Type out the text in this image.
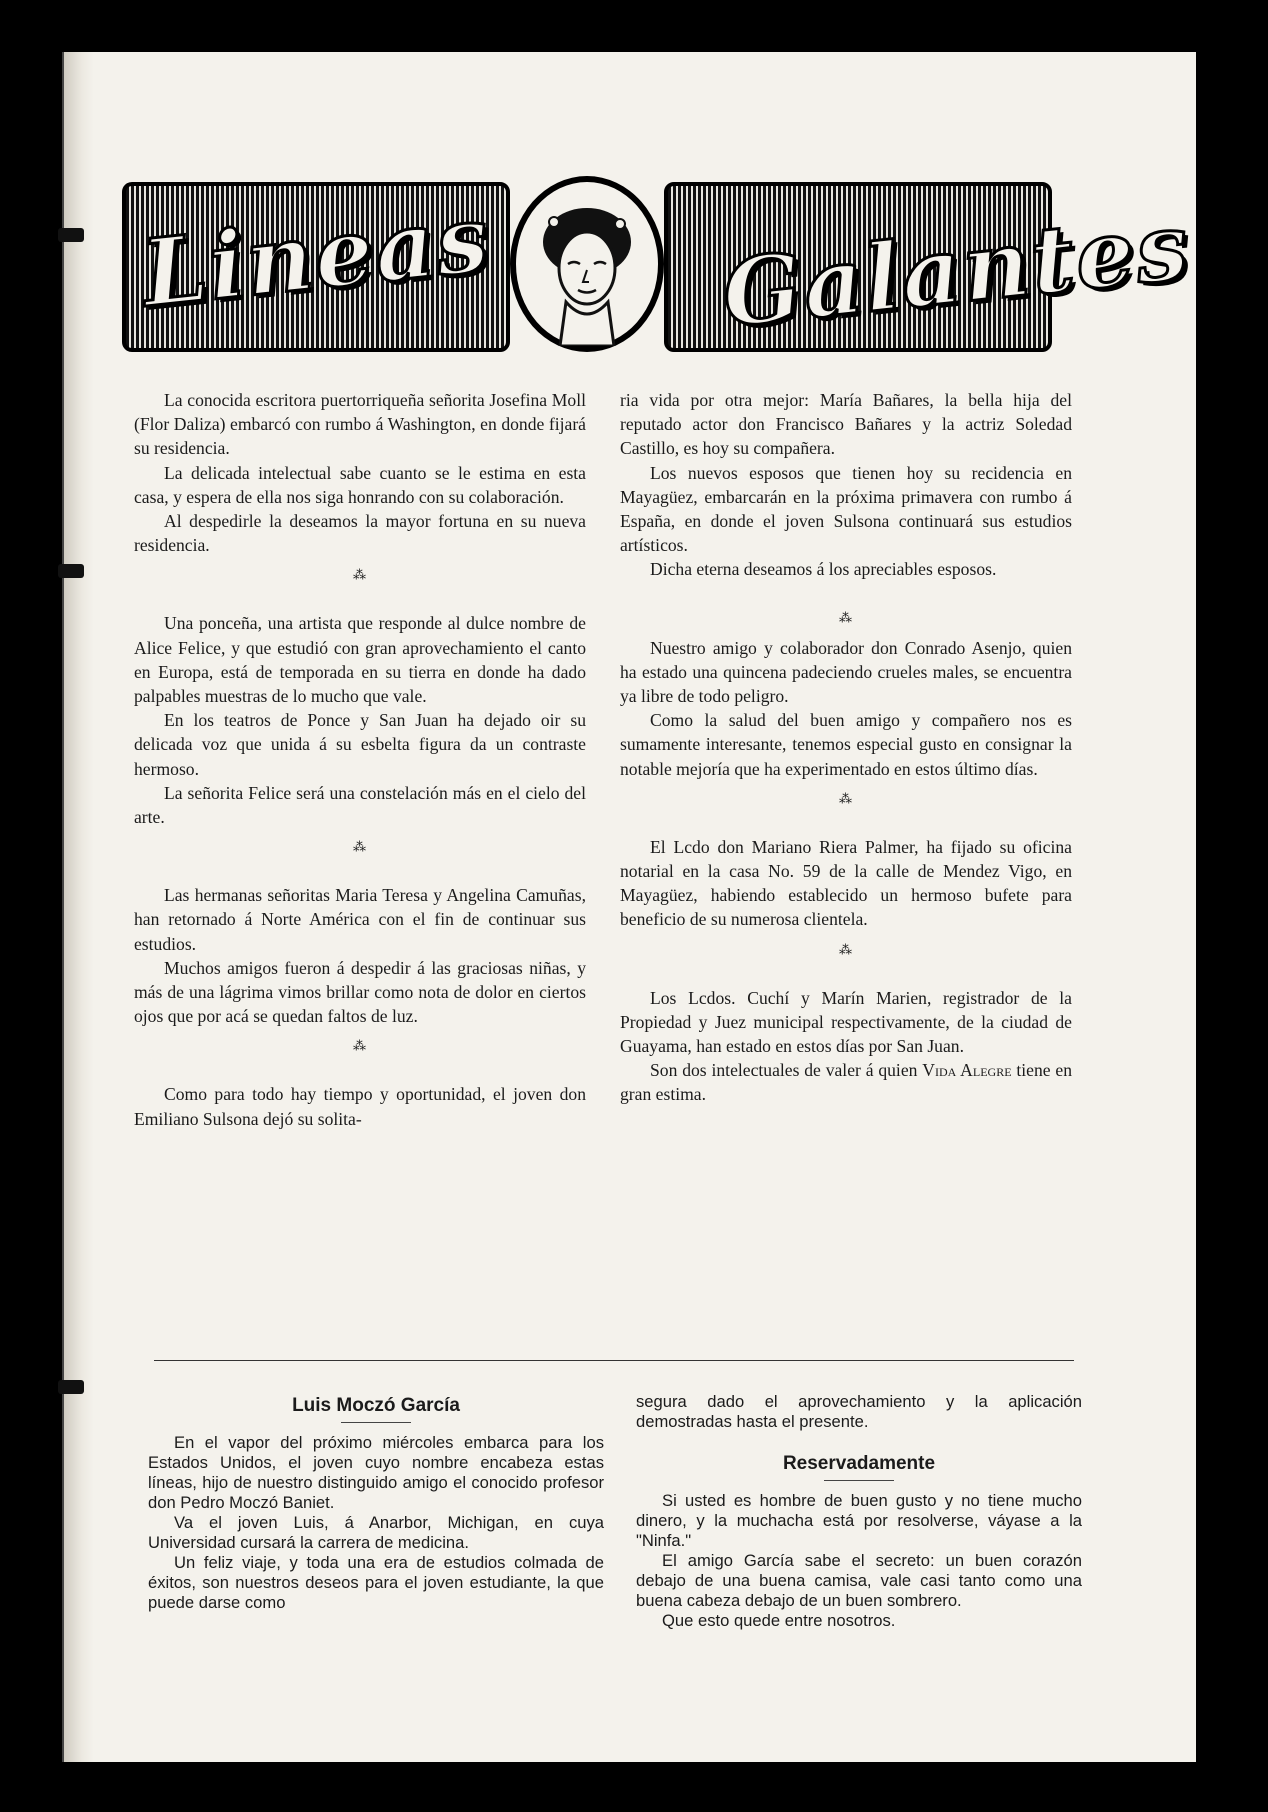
Lineas Galantes

La conocida escritora puertorriqueña señorita Josefina Moll (Flor Daliza) embarcó con rumbo á Washington, en donde fijará su residencia.

La delicada intelectual sabe cuanto se le estima en esta casa, y espera de ella nos siga honrando con su colaboración.

Al despedirle la deseamos la mayor fortuna en su nueva residencia.

⁂

Una ponceña, una artista que responde al dulce nombre de Alice Felice, y que estudió con gran aprovechamiento el canto en Europa, está de temporada en su tierra en donde ha dado palpables muestras de lo mucho que vale.

En los teatros de Ponce y San Juan ha dejado oir su delicada voz que unida á su esbelta figura da un contraste hermoso.

La señorita Felice será una constelación más en el cielo del arte.

⁂

Las hermanas señoritas Maria Teresa y Angelina Camuñas, han retornado á Norte América con el fin de continuar sus estudios.

Muchos amigos fueron á despedir á las graciosas niñas, y más de una lágrima vimos brillar como nota de dolor en ciertos ojos que por acá se quedan faltos de luz.

⁂

Como para todo hay tiempo y oportunidad, el joven don Emiliano Sulsona dejó su solita-

ria vida por otra mejor: María Bañares, la bella hija del reputado actor don Francisco Bañares y la actriz Soledad Castillo, es hoy su compañera.

Los nuevos esposos que tienen hoy su recidencia en Mayagüez, embarcarán en la próxima primavera con rumbo á España, en donde el joven Sulsona continuará sus estudios artísticos.

Dicha eterna deseamos á los apreciables esposos.

⁂

Nuestro amigo y colaborador don Conrado Asenjo, quien ha estado una quincena padeciendo crueles males, se encuentra ya libre de todo peligro.

Como la salud del buen amigo y compañero nos es sumamente interesante, tenemos especial gusto en consignar la notable mejoría que ha experimentado en estos último días.

⁂

El Lcdo don Mariano Riera Palmer, ha fijado su oficina notarial en la casa No. 59 de la calle de Mendez Vigo, en Mayagüez, habiendo establecido un hermoso bufete para beneficio de su numerosa clientela.

⁂

Los Lcdos. Cuchí y Marín Marien, registrador de la Propiedad y Juez municipal respectivamente, de la ciudad de Guayama, han estado en estos días por San Juan.

Son dos intelectuales de valer á quien Vida Alegre tiene en gran estima.

Luis Moczó García

En el vapor del próximo miércoles embarca para los Estados Unidos, el joven cuyo nombre encabeza estas líneas, hijo de nuestro distinguido amigo el conocido profesor don Pedro Moczó Baniet.

Va el joven Luis, á Anarbor, Michigan, en cuya Universidad cursará la carrera de medicina.

Un feliz viaje, y toda una era de estudios colmada de éxitos, son nuestros deseos para el joven estudiante, la que puede darse como

segura dado el aprovechamiento y la aplicación demostradas hasta el presente.

Reservadamente

Si usted es hombre de buen gusto y no tiene mucho dinero, y la muchacha está por resolverse, váyase a la "Ninfa."

El amigo García sabe el secreto: un buen corazón debajo de una buena camisa, vale casi tanto como una buena cabeza debajo de un buen sombrero.

Que esto quede entre nosotros.
